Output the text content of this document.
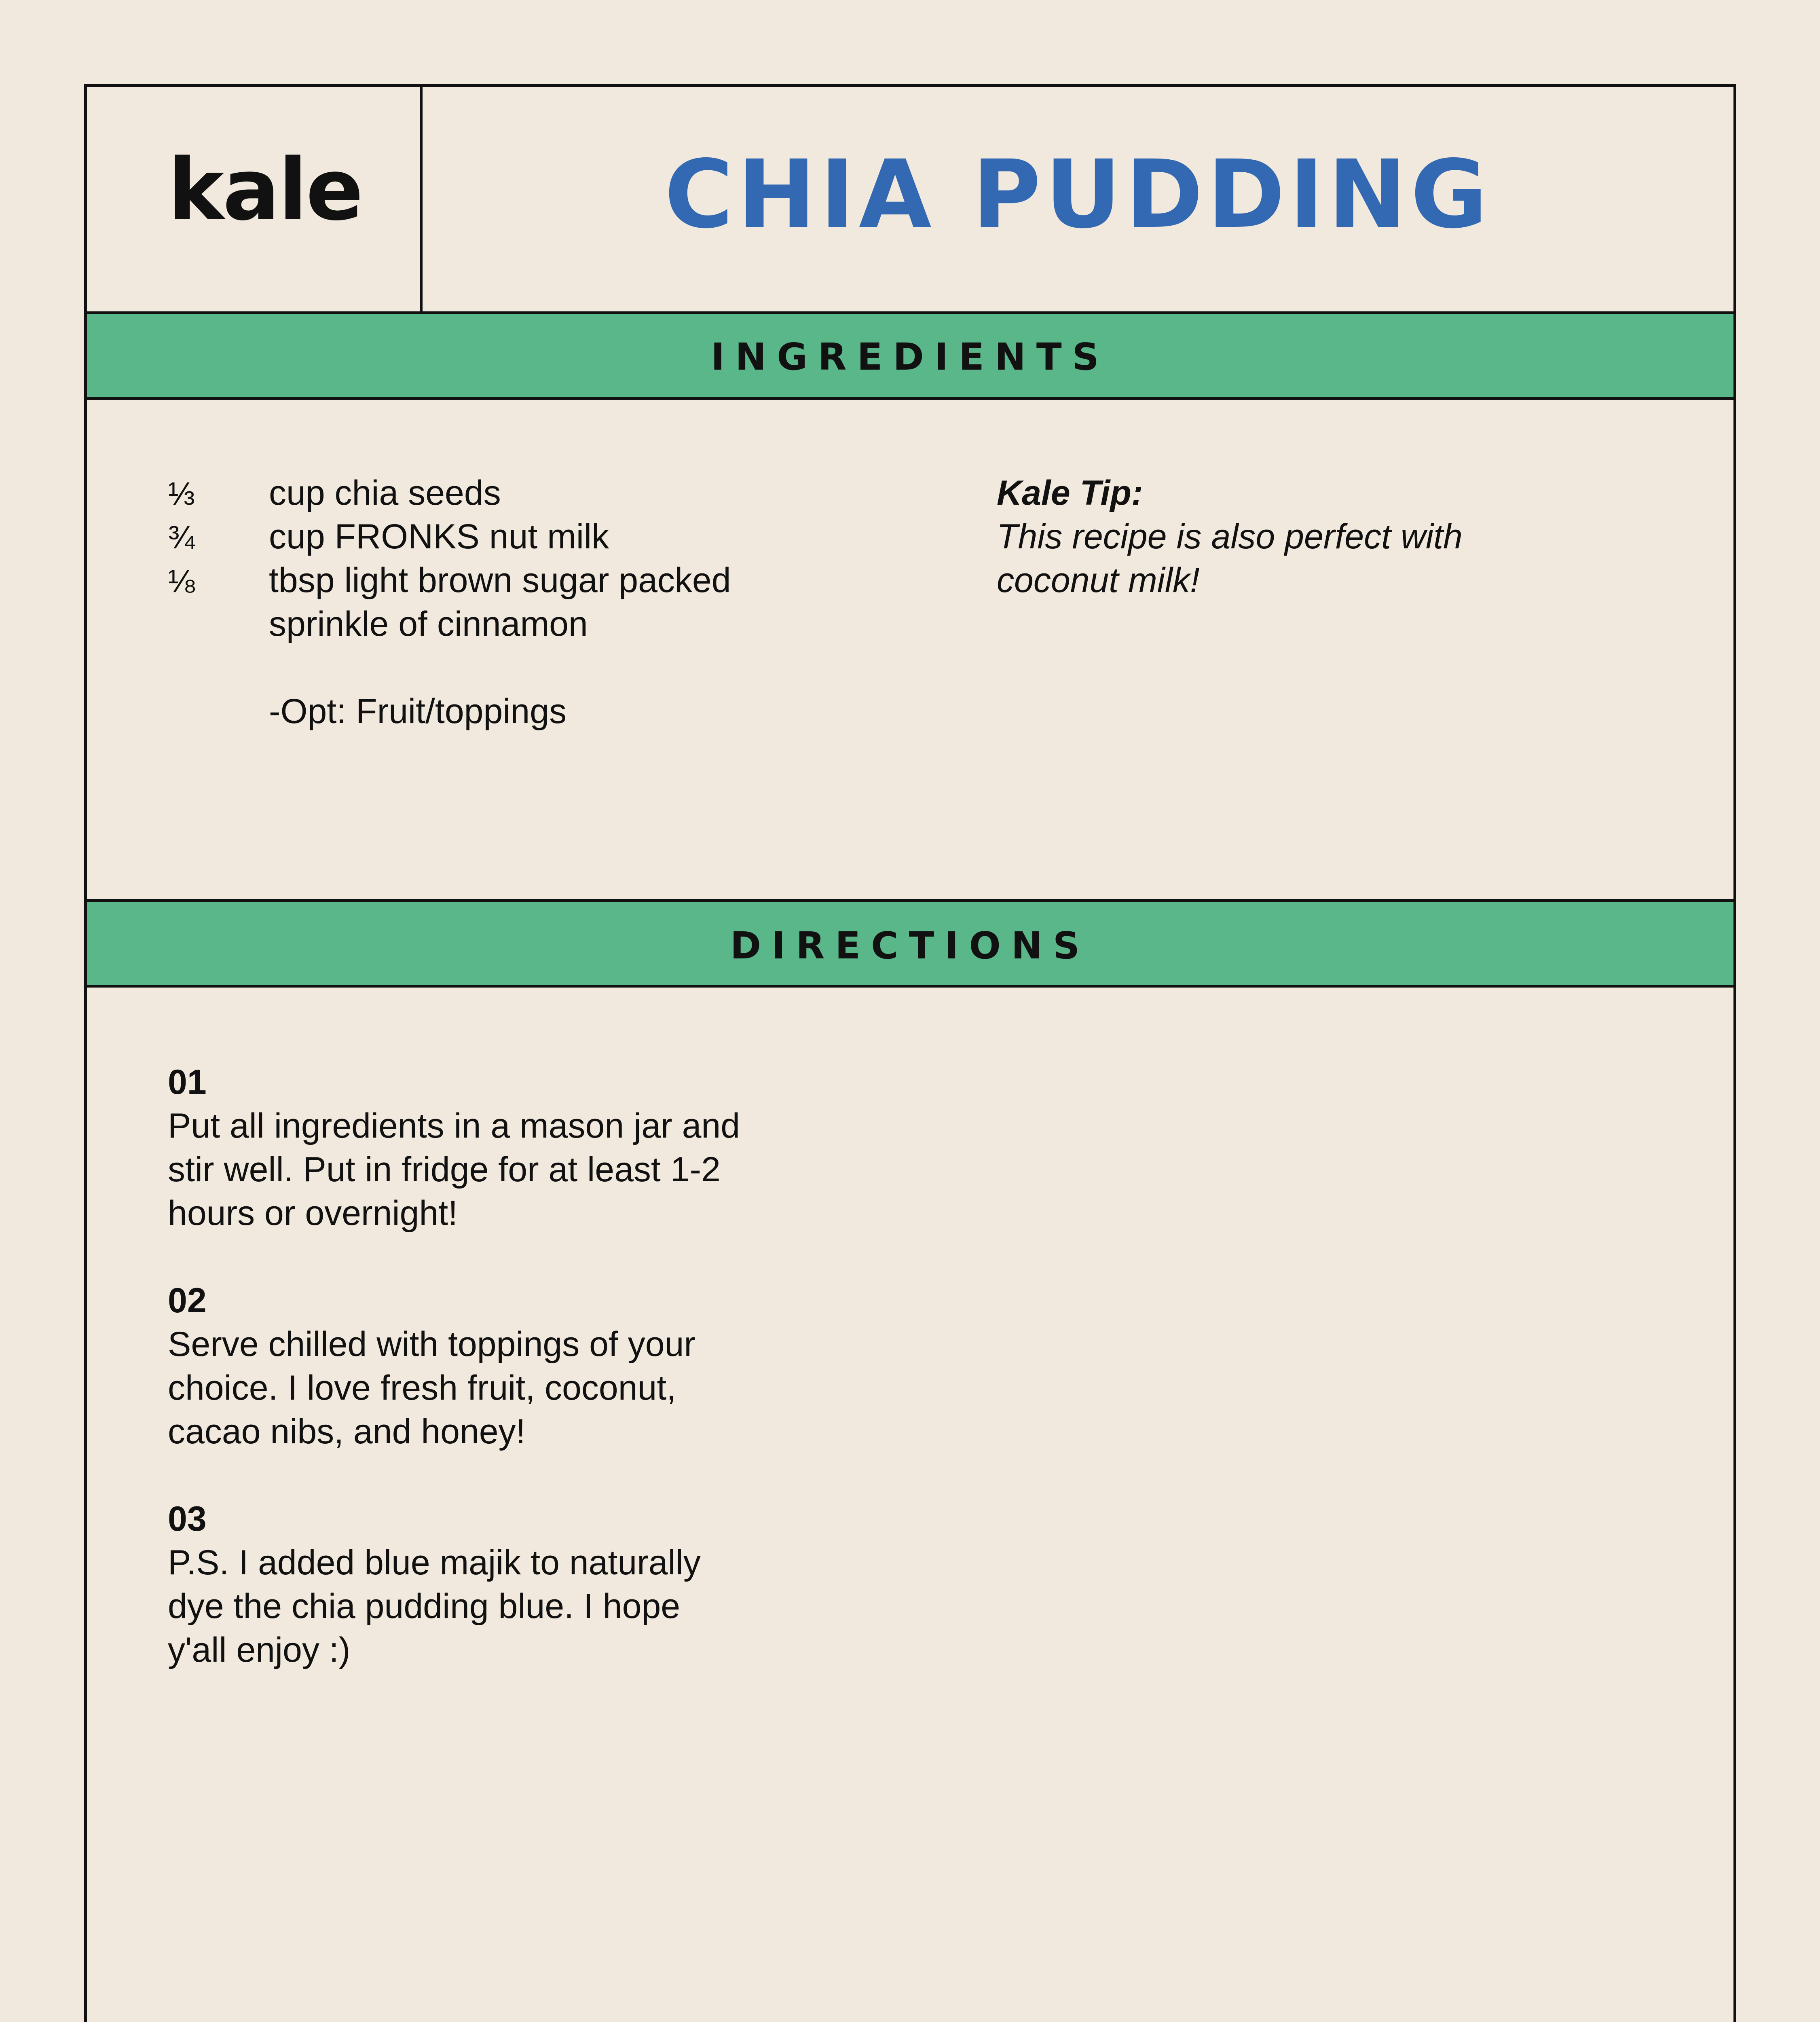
kale	CHIA PUDDING
INGREDIENTS
⅓ cup chia seeds
¾ cup FRONKS nut milk
⅛ tbsp light brown sugar packed
sprinkle of cinnamon
-Opt: Fruit/toppings
Kale Tip:
This recipe is also perfect with
coconut milk!
DIRECTIONS
01
Put all ingredients in a mason jar and
stir well. Put in fridge for at least 1-2
hours or overnight!
02
Serve chilled with toppings of your
choice. I love fresh fruit, coconut,
cacao nibs, and honey!
03
P.S. I added blue majik to naturally
dye the chia pudding blue. I hope
y'all enjoy :)
